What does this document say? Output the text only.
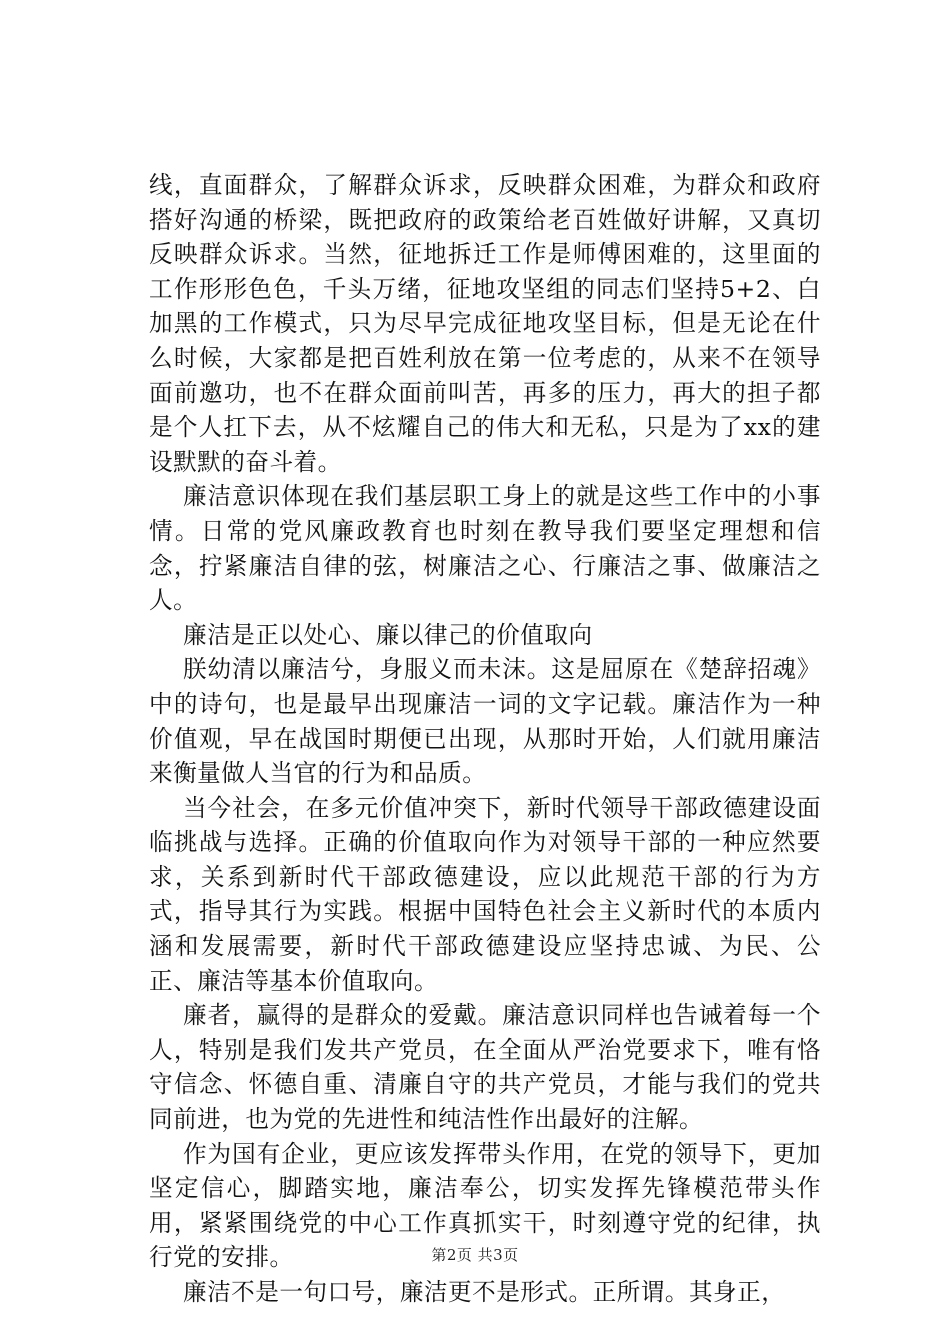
线，直面群众，了解群众诉求，反映群众困难，为群众和政府搭好沟通的桥梁，既把政府的政策给老百姓做好讲解，又真切反映群众诉求。当然，征地拆迁工作是师傅困难的，这里面的工作形形色色，千头万绪，征地攻坚组的同志们坚持5+2、白加黑的工作模式，只为尽早完成征地攻坚目标，但是无论在什么时候，大家都是把百姓利放在第一位考虑的，从来不在领导面前邀功，也不在群众面前叫苦，再多的压力，再大的担子都是个人扛下去，从不炫耀自己的伟大和无私，只是为了xx的建设默默的奋斗着。

廉洁意识体现在我们基层职工身上的就是这些工作中的小事情。日常的党风廉政教育也时刻在教导我们要坚定理想和信念，拧紧廉洁自律的弦，树廉洁之心、行廉洁之事、做廉洁之人。

廉洁是正以处心、廉以律己的价值取向

朕幼清以廉洁兮，身服义而未沫。这是屈原在《楚辞招魂》中的诗句，也是最早出现廉洁一词的文字记载。廉洁作为一种价值观，早在战国时期便已出现，从那时开始，人们就用廉洁来衡量做人当官的行为和品质。

当今社会，在多元价值冲突下，新时代领导干部政德建设面临挑战与选择。正确的价值取向作为对领导干部的一种应然要求，关系到新时代干部政德建设，应以此规范干部的行为方式，指导其行为实践。根据中国特色社会主义新时代的本质内涵和发展需要，新时代干部政德建设应坚持忠诚、为民、公正、廉洁等基本价值取向。

廉者，赢得的是群众的爱戴。廉洁意识同样也告诫着每一个人，特别是我们发共产党员，在全面从严治党要求下，唯有恪守信念、怀德自重、清廉自守的共产党员，才能与我们的党共同前进，也为党的先进性和纯洁性作出最好的注解。

作为国有企业，更应该发挥带头作用，在党的领导下，更加坚定信心，脚踏实地，廉洁奉公，切实发挥先锋模范带头作用，紧紧围绕党的中心工作真抓实干，时刻遵守党的纪律，执行党的安排。

廉洁不是一句口号，廉洁更不是形式。正所谓。其身正，

第2页 共3页
